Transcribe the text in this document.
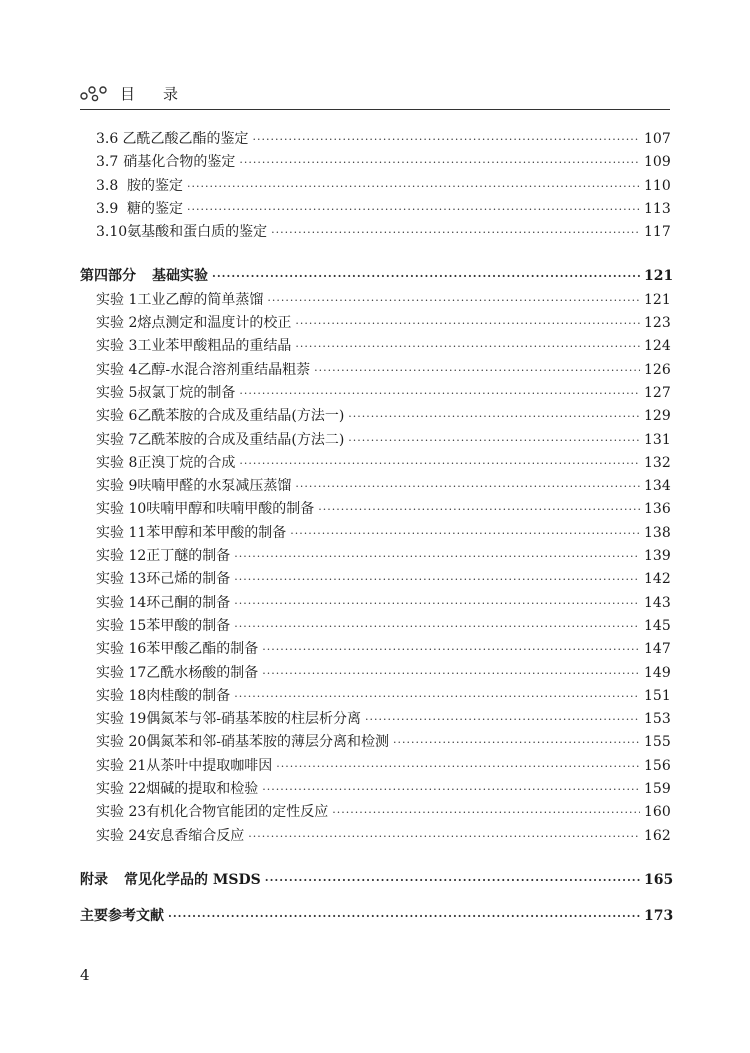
目录
3.6 乙酰乙酸乙酯的鉴定 ·····	107
3.7 硝基化合物的鉴定 ·····	109
3.8 胺的鉴定 ·····	110
3.9 糖的鉴定 ·····	113
3.10 氨基酸和蛋白质的鉴定 ·····	117
第四部分 基础实验 ·····	121
实验 1 工业乙醇的简单蒸馏 ·····	121
实验 2 熔点测定和温度计的校正 ·····	123
实验 3 工业苯甲酸粗品的重结晶 ·····	124
实验 4 乙醇-水混合溶剂重结晶粗萘 ·····	126
实验 5 叔氯丁烷的制备 ·····	127
实验 6 乙酰苯胺的合成及重结晶(方法一) ·····	129
实验 7 乙酰苯胺的合成及重结晶(方法二) ·····	131
实验 8 正溴丁烷的合成 ·····	132
实验 9 呋喃甲醛的水泵减压蒸馏 ·····	134
实验 10 呋喃甲醇和呋喃甲酸的制备 ·····	136
实验 11 苯甲醇和苯甲酸的制备 ·····	138
实验 12 正丁醚的制备 ·····	139
实验 13 环己烯的制备 ·····	142
实验 14 环己酮的制备 ·····	143
实验 15 苯甲酸的制备 ·····	145
实验 16 苯甲酸乙酯的制备 ·····	147
实验 17 乙酰水杨酸的制备 ·····	149
实验 18 肉桂酸的制备 ·····	151
实验 19 偶氮苯与邻-硝基苯胺的柱层析分离 ·····	153
实验 20 偶氮苯和邻-硝基苯胺的薄层分离和检测 ·····	155
实验 21 从茶叶中提取咖啡因 ·····	156
实验 22 烟碱的提取和检验 ·····	159
实验 23 有机化合物官能团的定性反应 ·····	160
实验 24 安息香缩合反应 ·····	162
附录 常见化学品的 MSDS ·····	165
主要参考文献 ·····	173
4
